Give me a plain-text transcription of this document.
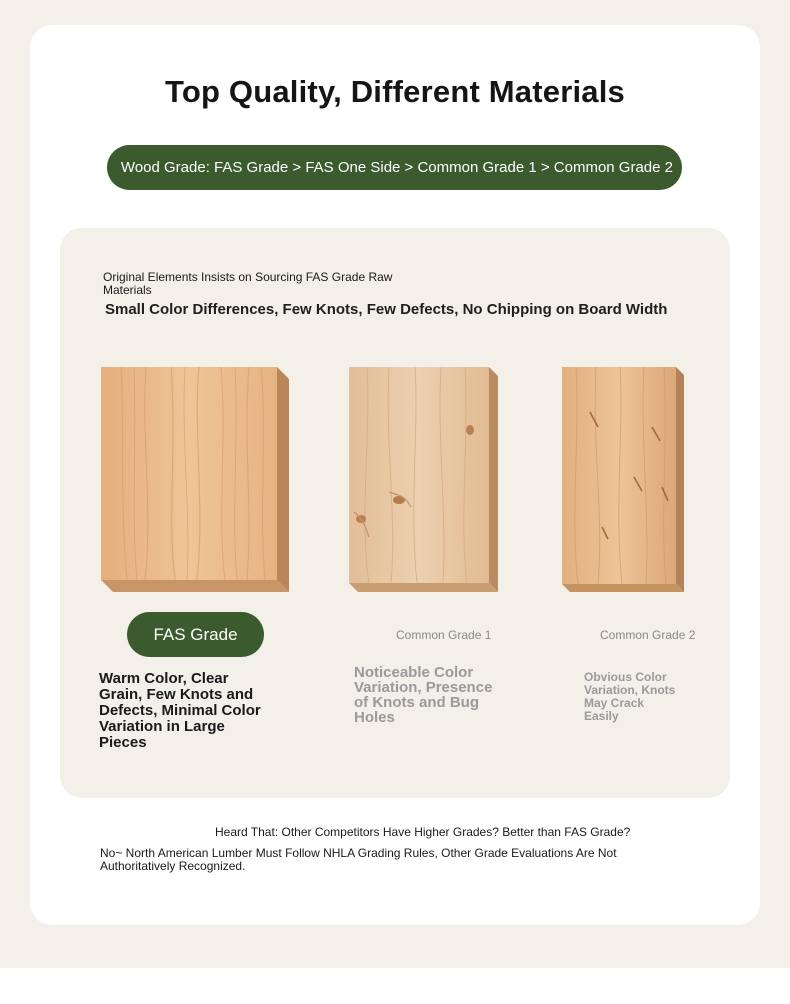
Top Quality, Different Materials
Wood Grade: FAS Grade > FAS One Side > Common Grade 1 > Common Grade 2
Original Elements Insists on Sourcing FAS Grade Raw Materials
Small Color Differences, Few Knots, Few Defects, No Chipping on Board Width
FAS Grade	Common Grade 1	Common Grade 2
Warm Color, Clear Grain, Few Knots and Defects, Minimal Color Variation in Large Pieces
Noticeable Color Variation, Presence of Knots and Bug Holes
Obvious Color Variation, Knots May Crack Easily
Heard That: Other Competitors Have Higher Grades? Better than FAS Grade?
No~ North American Lumber Must Follow NHLA Grading Rules, Other Grade Evaluations Are Not Authoritatively Recognized.
